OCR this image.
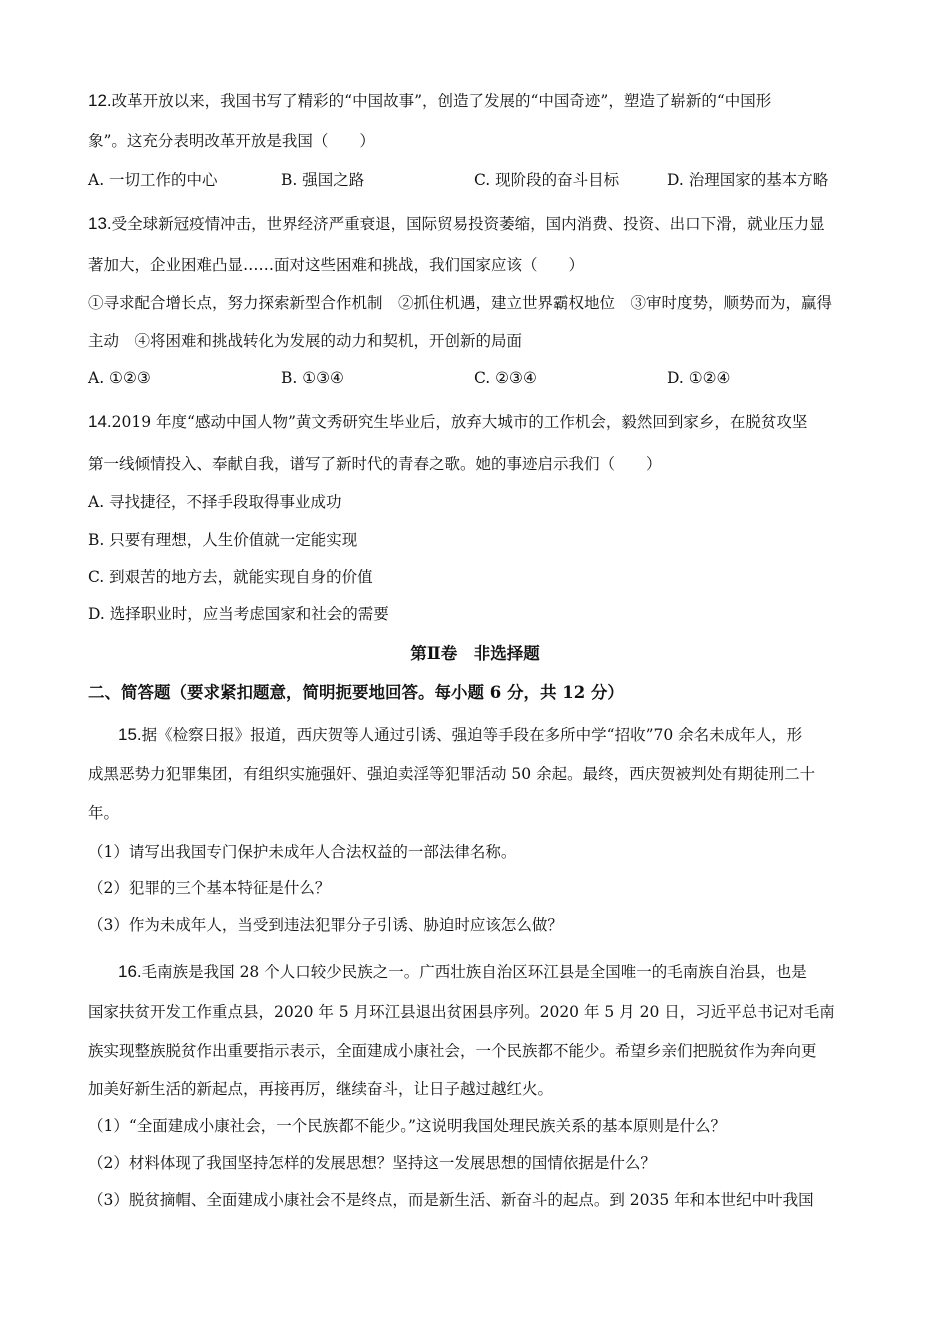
12.改革开放以来，我国书写了精彩的“中国故事”，创造了发展的“中国奇迹”，塑造了崭新的“中国形
象”。这充分表明改革开放是我国（　　）
A. 一切工作的中心	B. 强国之路	C. 现阶段的奋斗目标	D. 治理国家的基本方略
13.受全球新冠疫情冲击，世界经济严重衰退，国际贸易投资萎缩，国内消费、投资、出口下滑，就业压力显
著加大，企业困难凸显……面对这些困难和挑战，我们国家应该（　　）
①寻求配合增长点，努力探索新型合作机制　②抓住机遇，建立世界霸权地位　③审时度势，顺势而为，赢得
主动　④将困难和挑战转化为发展的动力和契机，开创新的局面
A. ①②③	B. ①③④	C. ②③④	D. ①②④
14.2019 年度“感动中国人物”黄文秀研究生毕业后，放弃大城市的工作机会，毅然回到家乡，在脱贫攻坚
第一线倾情投入、奉献自我，谱写了新时代的青春之歌。她的事迹启示我们（　　）
A. 寻找捷径，不择手段取得事业成功
B. 只要有理想，人生价值就一定能实现
C. 到艰苦的地方去，就能实现自身的价值
D. 选择职业时，应当考虑国家和社会的需要
第Ⅱ卷　非选择题
二、简答题（要求紧扣题意，简明扼要地回答。每小题 6 分，共 12 分）
15.据《检察日报》报道，西庆贺等人通过引诱、强迫等手段在多所中学“招收”70 余名未成年人，形
成黑恶势力犯罪集团，有组织实施强奸、强迫卖淫等犯罪活动 50 余起。最终，西庆贺被判处有期徒刑二十
年。
（1）请写出我国专门保护未成年人合法权益的一部法律名称。
（2）犯罪的三个基本特征是什么？
（3）作为未成年人，当受到违法犯罪分子引诱、胁迫时应该怎么做？
16.毛南族是我国 28 个人口较少民族之一。广西壮族自治区环江县是全国唯一的毛南族自治县，也是
国家扶贫开发工作重点县，2020 年 5 月环江县退出贫困县序列。2020 年 5 月 20 日，习近平总书记对毛南
族实现整族脱贫作出重要指示表示，全面建成小康社会，一个民族都不能少。希望乡亲们把脱贫作为奔向更
加美好新生活的新起点，再接再厉，继续奋斗，让日子越过越红火。
（1）“全面建成小康社会，一个民族都不能少。”这说明我国处理民族关系的基本原则是什么？
（2）材料体现了我国坚持怎样的发展思想？坚持这一发展思想的国情依据是什么？
（3）脱贫摘帽、全面建成小康社会不是终点，而是新生活、新奋斗的起点。到 2035 年和本世纪中叶我国
